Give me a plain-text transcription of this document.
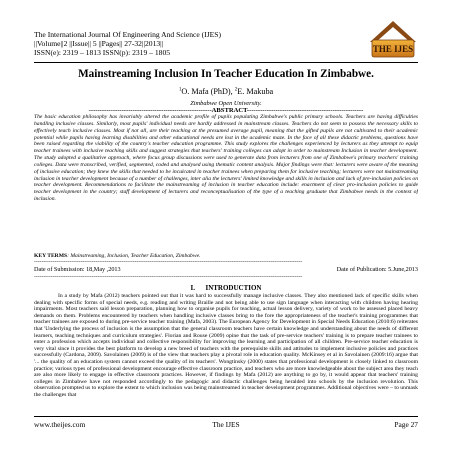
The International Journal Of Engineering And Science (IJES)
||Volume||2 ||Issue|| 5 ||Pages|| 27-32||2013||
ISSN(e): 2319 – 1813 ISSN(p): 2319 – 1805	THE IJES
Mainstreaming Inclusion In Teacher Education In Zimbabwe.
$^1$O. Mafa (PhD), $^2$E. Makuba
Zimbabwe Open University.
--------------------------------------------------------ABSTRACT-----------------------------------------------------
The basic education philosophy has invariably altered the academic profile of pupils populating Zimbabwe's public primary schools. Teachers are having difficulties handling inclusive classes. Similarly, most pupils' individual needs are hardly addressed in mainstream classes. Teachers do not seem to possess the necessary skills to effectively teach inclusive classes. Most if not all, are their teaching at the presumed average pupil, meaning that the gifted pupils are not cultivated to their academic potential while pupils having learning disabilities and other educational needs are lost in the academic maze. In the face of all these didactic problems, questions have been raised regarding the viability of the country's teacher education programme. This study explores the challenges experienced by lecturers as they attempt to equip teacher trainees with inclusive teaching skills and suggest strategies that teachers' training colleges can adopt in order to mainstream Inclusion in teacher development. The study adopted a qualitative approach, where focus group discussions were used to generate data from lecturers from one of Zimbabwe's primary teachers' training colleges. Data were transcribed, verified, segmented, coded and analysed using thematic content analysis. Major findings were that: lecturers were aware of the meaning of inclusive education; they knew the skills that needed to be inculcated in teacher trainees when preparing them for inclusive teaching; lecturers were not mainstreaming inclusion in teacher development because of a number of challenges, inter alia the lecturers' limited knowledge and skills in inclusion and lack of pre-inclusion policies on teacher development. Recommendations to facilitate the mainstreaming of inclusion in teacher education include: enactment of clear pro-inclusion policies to guide teacher development in the country; staff development of lecturers and reconceptualisation of the type of a teaching graduate that Zimbabwe needs in the context of inclusion.
KEY TERMS: Mainstreaming, Inclusion, Teacher Education, Zimbabwe.
------------------------------------------------------------------------------------------------------------------------------------------------
Date of Submission: 18,May ,2013	Date of Publication: 5.June,2013
------------------------------------------------------------------------------------------------------------------------------------------------
I.      INTRODUCTION
In a study by Mafa (2012) teachers pointed out that it was hard to successfully manage inclusive classes. They also mentioned lack of specific skills when dealing with specific forms of special needs, e.g. reading and writing Braille and not being able to use sign language when interacting with children having hearing impairments. Most teachers said lesson preparation, planning how to organise pupils for teaching, actual lesson delivery, variety of work to be assessed placed heavy demands on them. Problems encountered by teachers when handling inclusive classes bring to the fore the appropriateness of the teacher's training programmes that teacher trainees are exposed to during pre-service teacher training (Mafa, 2003). The European Agency for Development in Special Needs Education (2010:6) reiterates that 'Underlying the process of inclusion is the assumption that the general classroom teachers have certain knowledge and understanding about the needs of different learners, teaching techniques and curriculum strategies'. Florian and Rouse (2009) opine that the task of pre-service teachers' training is to prepare teacher trainees to enter a profession which accepts individual and collective responsibility for improving the learning and participation of all children. Pre-service teacher education is very vital since it provides the best platform to develop a new breed of teachers with the prerequisite skills and attitudes to implement inclusive policies and practices successfully (Cardona, 2009). Savolainen (2009) is of the view that teachers play a pivotal role in education quality. McKinsey et al in Savolainen (2009:16) argue that '... the quality of an education system cannot exceed the quality of its teachers'. Wongtinsky (2000) states that professional development is closely linked to classroom practice; various types of professional development encourage effective classroom practice, and teachers who are more knowledgeable about the subject area they teach are also more likely to engage in effective classroom practices. However, if findings by Mafa (2012) are anything to go by, it would appear that teachers' training colleges in Zimbabwe have not responded accordingly to the pedagogic and didactic challenges being heralded into schools by the inclusion revolution. This observation prompted us to explore the extent to which inclusion was being mainstreamed in teacher development programmes. Additional objectives were – to unmask the challenges that
www.theijes.com	The IJES	Page 27
